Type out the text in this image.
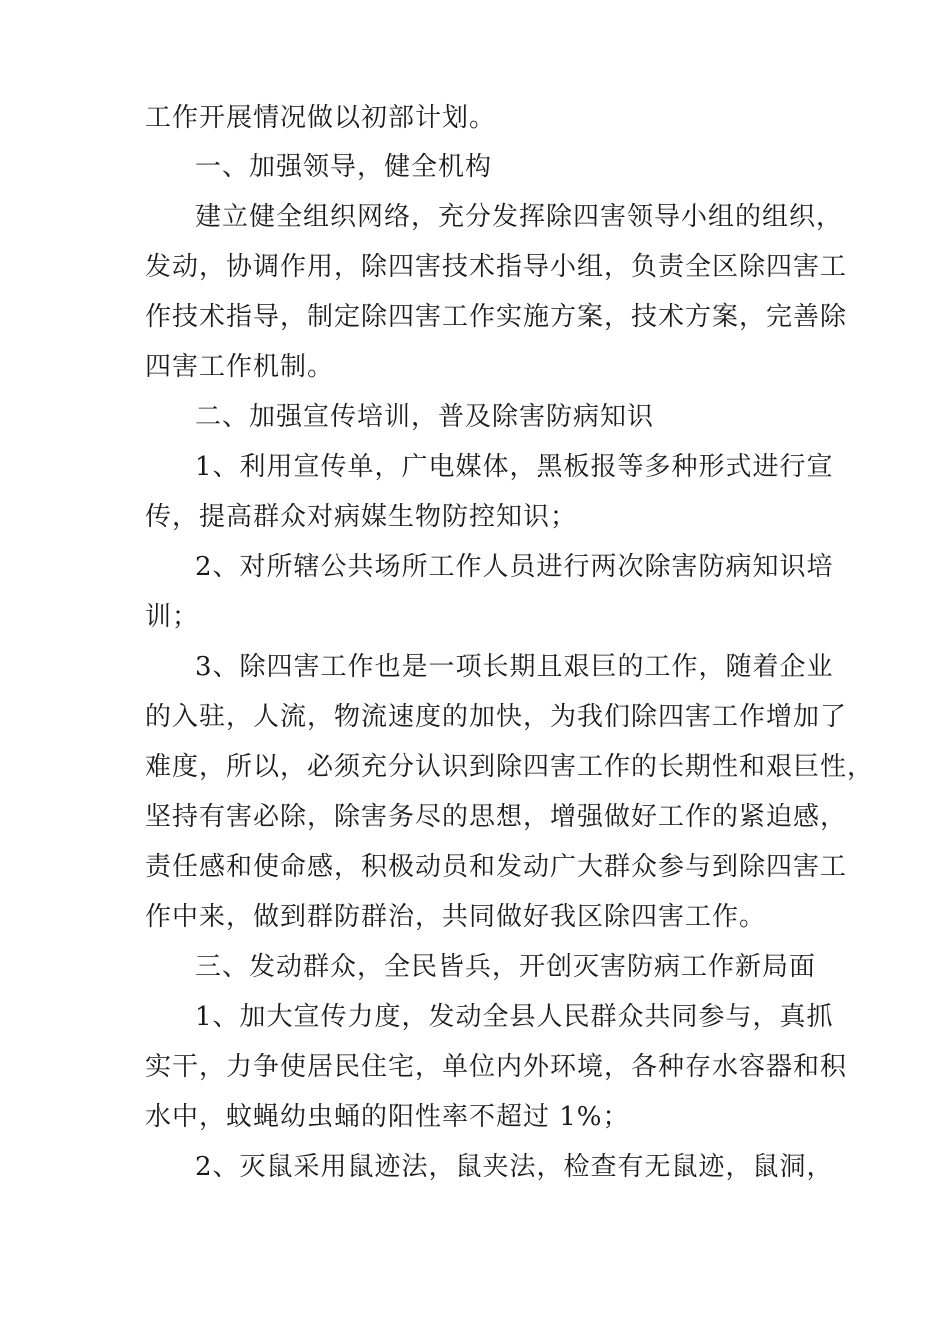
工作开展情况做以初部计划。
一、加强领导，健全机构
建立健全组织网络，充分发挥除四害领导小组的组织，
发动，协调作用，除四害技术指导小组，负责全区除四害工
作技术指导，制定除四害工作实施方案，技术方案，完善除
四害工作机制。
二、加强宣传培训，普及除害防病知识
1、利用宣传单，广电媒体，黑板报等多种形式进行宣
传，提高群众对病媒生物防控知识；
2、对所辖公共场所工作人员进行两次除害防病知识培
训；
3、除四害工作也是一项长期且艰巨的工作，随着企业
的入驻，人流，物流速度的加快，为我们除四害工作增加了
难度，所以，必须充分认识到除四害工作的长期性和艰巨性，
坚持有害必除，除害务尽的思想，增强做好工作的紧迫感，
责任感和使命感，积极动员和发动广大群众参与到除四害工
作中来，做到群防群治，共同做好我区除四害工作。
三、发动群众，全民皆兵，开创灭害防病工作新局面
1、加大宣传力度，发动全县人民群众共同参与，真抓
实干，力争使居民住宅，单位内外环境，各种存水容器和积
水中，蚊蝇幼虫蛹的阳性率不超过 1%；
2、灭鼠采用鼠迹法，鼠夹法，检查有无鼠迹，鼠洞，
